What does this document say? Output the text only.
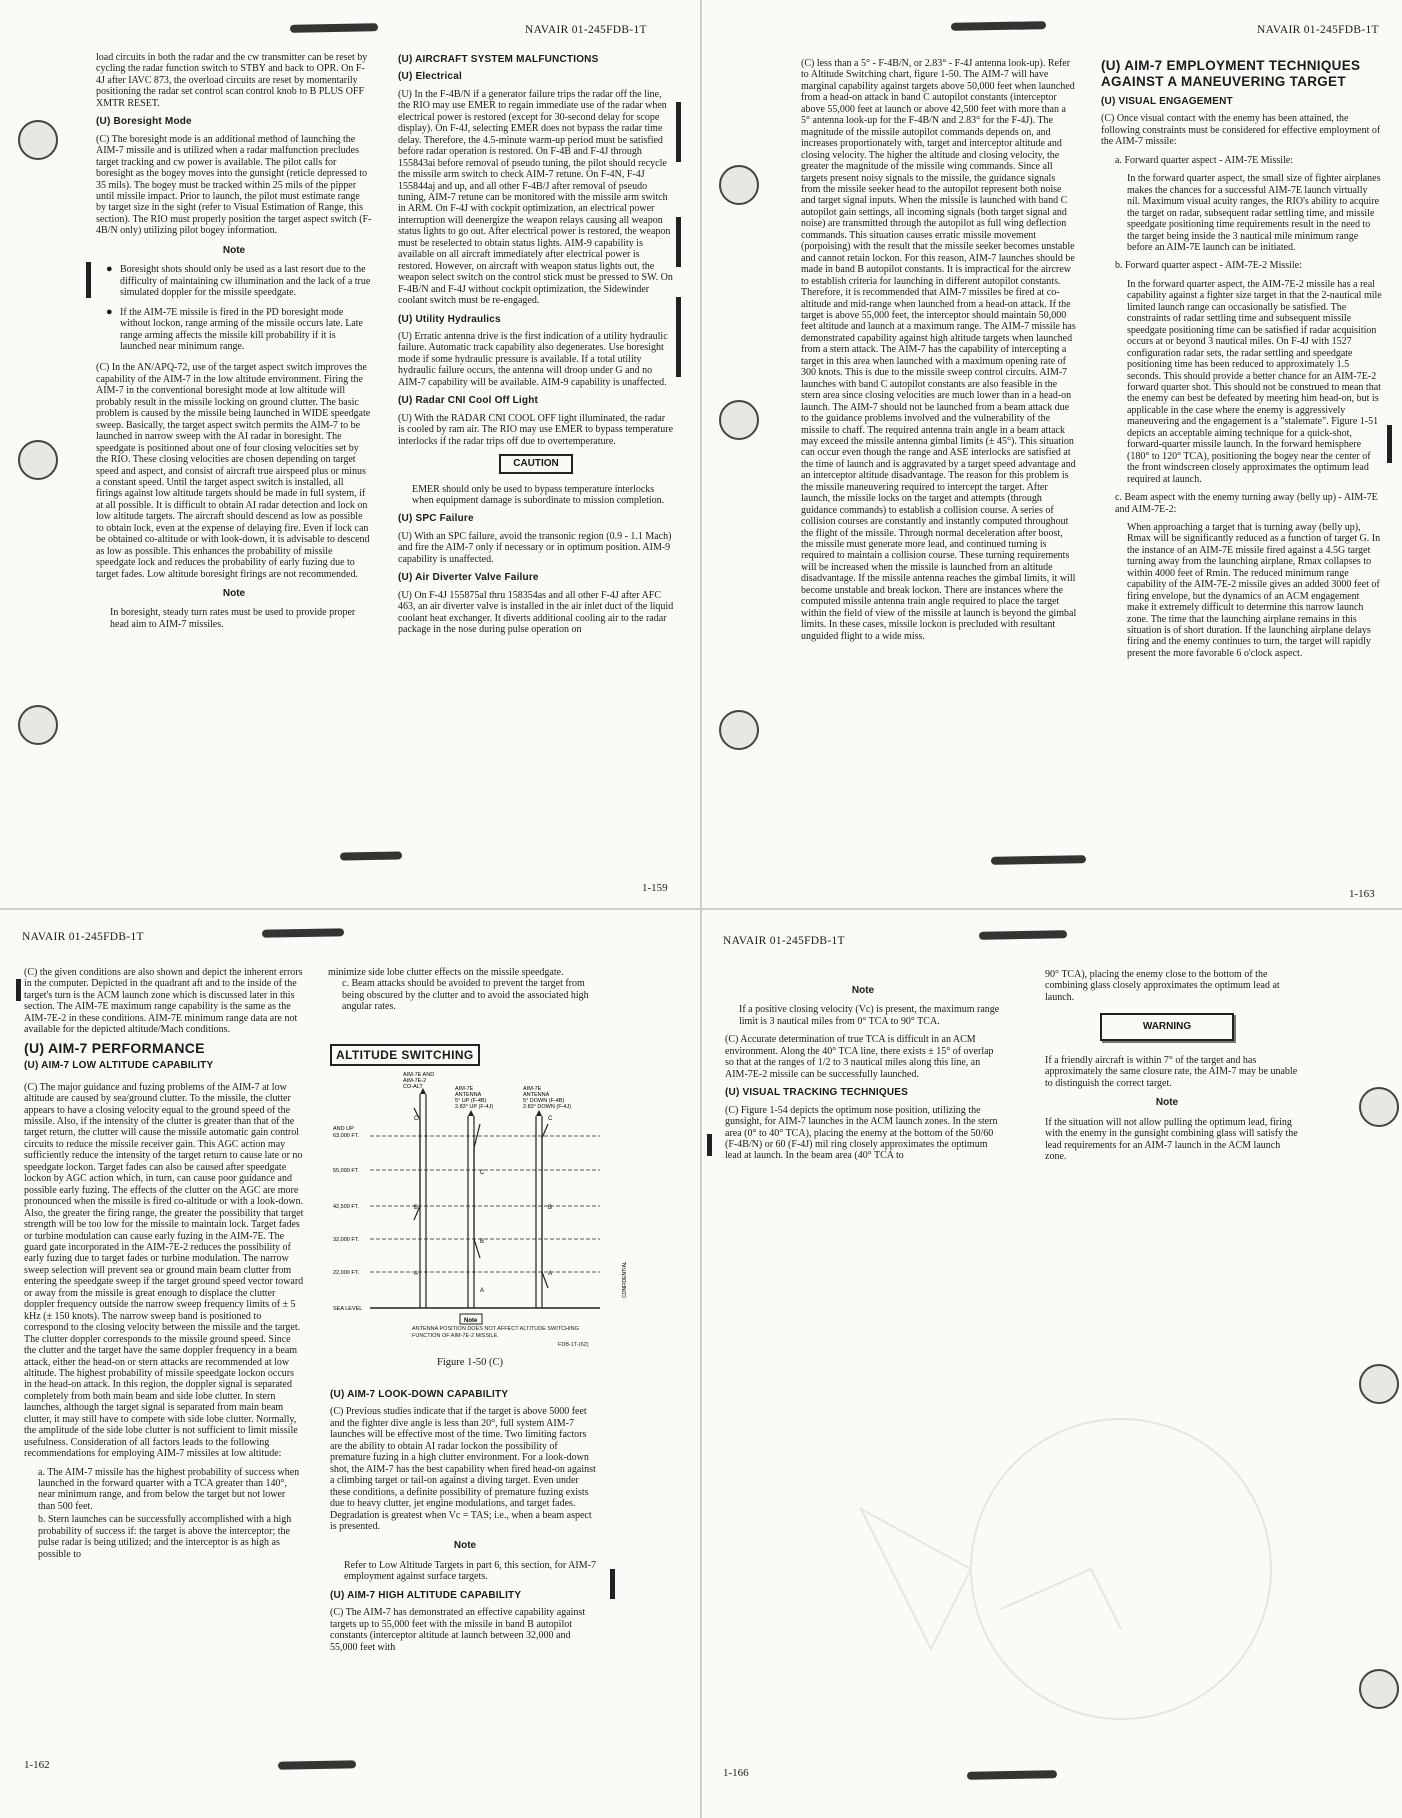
NAVAIR 01-245FDB-1T

load circuits in both the radar and the cw transmitter can be reset by cycling the radar function switch to STBY and back to OPR. On F-4J after IAVC 873, the overload circuits are reset by momentarily positioning the radar set control scan control knob to B PLUS OFF XMTR RESET.

(U) Boresight Mode

(C) The boresight mode is an additional method of launching the AIM-7 missile and is utilized when a radar malfunction precludes target tracking and cw power is available. The pilot calls for boresight as the bogey moves into the gunsight (reticle depressed to 35 mils). The bogey must be tracked within 25 mils of the pipper until missile impact. Prior to launch, the pilot must estimate range by target size in the sight (refer to Visual Estimation of Range, this section). The RIO must properly position the target aspect switch (F-4B/N only) utilizing pilot bogey information.

Note
● Boresight shots should only be used as a last resort due to the difficulty of maintaining cw illumination and the lack of a true simulated doppler for the missile speedgate.
● If the AIM-7E missile is fired in the PD boresight mode without lockon, range arming of the missile occurs late. Late range arming affects the missile kill probability if it is launched near minimum range.

(C) In the AN/APQ-72, use of the target aspect switch improves the capability of the AIM-7 in the low altitude environment. Firing the AIM-7 in the conventional boresight mode at low altitude will probably result in the missile locking on ground clutter. The basic problem is caused by the missile being launched in WIDE speedgate sweep. Basically, the target aspect switch permits the AIM-7 to be launched in narrow sweep with the AI radar in boresight. The speedgate is positioned about one of four closing velocities set by the RIO. These closing velocities are chosen depending on target speed and aspect, and consist of aircraft true airspeed plus or minus a constant speed. Until the target aspect switch is installed, all firings against low altitude targets should be made in full system, if at all possible. It is difficult to obtain AI radar detection and lock on low altitude targets. The aircraft should descend as low as possible to obtain lock, even at the expense of delaying fire. Even if lock can be obtained co-altitude or with look-down, it is advisable to descend as low as possible. This enhances the probability of missile speedgate lock and reduces the probability of early fuzing due to target fades. Low altitude boresight firings are not recommended.

Note

In boresight, steady turn rates must be used to provide proper head aim to AIM-7 missiles.

(U) AIRCRAFT SYSTEM MALFUNCTIONS
(U) Electrical

(U) In the F-4B/N if a generator failure trips the radar off the line, the RIO may use EMER to regain immediate use of the radar when electrical power is restored (except for 30-second delay for scope display). On F-4J, selecting EMER does not bypass the radar time delay. Therefore, the 4.5-minute warm-up period must be satisfied before radar operation is restored. On F-4B and F-4J through 155843ai before removal of pseudo tuning, the pilot should recycle the missile arm switch to check AIM-7 retune. On F-4N, F-4J 155844aj and up, and all other F-4B/J after removal of pseudo tuning, AIM-7 retune can be monitored with the missile arm switch in ARM. On F-4J with cockpit optimization, an electrical power interruption will deenergize the weapon relays causing all weapon status lights to go out. After electrical power is restored, the weapon must be reselected to obtain status lights. AIM-9 capability is available on all aircraft immediately after electrical power is restored. However, on aircraft with weapon status lights out, the weapon select switch on the control stick must be pressed to SW. On F-4B/N and F-4J without cockpit optimization, the Sidewinder coolant switch must be re-engaged.

(U) Utility Hydraulics

(U) Erratic antenna drive is the first indication of a utility hydraulic failure. Automatic track capability also degenerates. Use boresight mode if some hydraulic pressure is available. If a total utility hydraulic failure occurs, the antenna will droop under G and no AIM-7 capability will be available. AIM-9 capability is unaffected.

(U) Radar CNI Cool Off Light

(U) With the RADAR CNI COOL OFF light illuminated, the radar is cooled by ram air. The RIO may use EMER to bypass temperature interlocks if the radar trips off due to overtemperature.

CAUTION

EMER should only be used to bypass temperature interlocks when equipment damage is subordinate to mission completion.

(U) SPC Failure

(U) With an SPC failure, avoid the transonic region (0.9 - 1.1 Mach) and fire the AIM-7 only if necessary or in optimum position. AIM-9 capability is unaffected.

(U) Air Diverter Valve Failure

(U) On F-4J 155875al thru 158354as and all other F-4J after AFC 463, an air diverter valve is installed in the air inlet duct of the liquid coolant heat exchanger. It diverts additional cooling air to the radar package in the nose during pulse operation on

1-159
NAVAIR 01-245FDB-1T

(C) less than a 5° - F-4B/N, or 2.83° - F-4J antenna look-up). Refer to Altitude Switching chart, figure 1-50. The AIM-7 will have marginal capability against targets above 50,000 feet when launched from a head-on attack in band C autopilot constants (interceptor above 55,000 feet at launch or above 42,500 feet with more than a 5° antenna look-up for the F-4B/N and 2.83° for the F-4J). The magnitude of the missile autopilot commands depends on, and increases proportionately with, target and interceptor altitude and closing velocity. The higher the altitude and closing velocity, the greater the magnitude of the missile wing commands. Since all targets present noisy signals to the missile, the guidance signals from the missile seeker head to the autopilot represent both noise and target signal inputs. When the missile is launched with band C autopilot gain settings, all incoming signals (both target signal and noise) are transmitted through the autopilot as full wing deflection commands. This situation causes erratic missile movement (porpoising) with the result that the missile seeker becomes unstable and cannot retain lockon. For this reason, AIM-7 launches should be made in band B autopilot constants. It is impractical for the aircrew to establish criteria for launching in different autopilot constants. Therefore, it is recommended that AIM-7 missiles be fired at co-altitude and mid-range when launched from a head-on attack. If the target is above 55,000 feet, the interceptor should maintain 50,000 feet altitude and launch at a maximum range. The AIM-7 missile has demonstrated capability against high altitude targets when launched from a stern attack. The AIM-7 has the capability of intercepting a target in this area when launched with a maximum opening rate of 300 knots. This is due to the missile sweep control circuits. AIM-7 launches with band C autopilot constants are also feasible in the stern area since closing velocities are much lower than in a head-on launch. The AIM-7 should not be launched from a beam attack due to the guidance problems involved and the vulnerability of the missile to chaff. The required antenna train angle in a beam attack may exceed the missile antenna gimbal limits (± 45°). This situation can occur even though the range and ASE interlocks are satisfied at the time of launch and is aggravated by a target speed advantage and an interceptor altitude disadvantage. The reason for this problem is the missile maneuvering required to intercept the target. After launch, the missile locks on the target and attempts (through guidance commands) to establish a collision course. A series of collision courses are constantly and instantly computed throughout the flight of the missile. Through normal deceleration after boost, the missile must generate more lead, and continued turning is required to maintain a collision course. These turning requirements will be increased when the missile is launched from an altitude disadvantage. If the missile antenna reaches the gimbal limits, it will become unstable and break lockon. There are instances where the computed missile antenna train angle required to place the target within the field of view of the missile at launch is beyond the gimbal limits. In these cases, missile lockon is precluded with resultant unguided flight to a wide miss.

(U) AIM-7 EMPLOYMENT TECHNIQUES AGAINST A MANEUVERING TARGET
(U) VISUAL ENGAGEMENT

(C) Once visual contact with the enemy has been attained, the following constraints must be considered for effective employment of the AIM-7 missile:

a. Forward quarter aspect - AIM-7E Missile:

In the forward quarter aspect, the small size of fighter airplanes makes the chances for a successful AIM-7E launch virtually nil. Maximum visual acuity ranges, the RIO's ability to acquire the target on radar, subsequent radar settling time, and missile speedgate positioning time requirements result in the need to the target being inside the 3 nautical mile minimum range before an AIM-7E launch can be initiated.

b. Forward quarter aspect - AIM-7E-2 Missile:

In the forward quarter aspect, the AIM-7E-2 missile has a real capability against a fighter size target in that the 2-nautical mile limited launch range can occasionally be satisfied. The constraints of radar settling time and subsequent missile speedgate positioning time can be satisfied if radar acquisition occurs at or beyond 3 nautical miles. On F-4J with 1527 configuration radar sets, the radar settling and speedgate positioning time has been reduced to approximately 1.5 seconds. This should provide a better chance for an AIM-7E-2 forward quarter shot. This should not be construed to mean that the enemy can best be defeated by meeting him head-on, but is applicable in the case where the enemy is aggressively maneuvering and the engagement is a "stalemate". Figure 1-51 depicts an acceptable aiming technique for a quick-shot, forward-quarter missile launch. In the forward hemisphere (180° to 120° TCA), positioning the bogey near the center of the front windscreen closely approximates the optimum lead required at launch.

c. Beam aspect with the enemy turning away (belly up) - AIM-7E and AIM-7E-2:

When approaching a target that is turning away (belly up), Rmax will be significantly reduced as a function of target G. In the instance of an AIM-7E missile fired against a 4.5G target turning away from the launching airplane, Rmax collapses to within 4000 feet of Rmin. The reduced minimum range capability of the AIM-7E-2 missile gives an added 3000 feet of firing envelope, but the dynamics of an ACM engagement make it extremely difficult to determine this narrow launch zone. The time that the launching airplane remains in this situation is of short duration. If the launching airplane delays firing and the enemy continues to turn, the target will rapidly present the more favorable 6 o'clock aspect.

1-163
NAVAIR 01-245FDB-1T

(C) the given conditions are also shown and depict the inherent errors in the computer. Depicted in the quadrant aft and to the inside of the target's turn is the ACM launch zone which is discussed later in this section. The AIM-7E maximum range capability is the same as the AIM-7E-2 in these conditions. AIM-7E minimum range data are not available for the depicted altitude/Mach conditions.

(U) AIM-7 PERFORMANCE
(U) AIM-7 LOW ALTITUDE CAPABILITY

(C) The major guidance and fuzing problems of the AIM-7 at low altitude are caused by sea/ground clutter. To the missile, the clutter appears to have a closing velocity equal to the ground speed of the missile. Also, if the intensity of the clutter is greater than that of the target return, the clutter will cause the missile automatic gain control circuits to reduce the missile receiver gain. This AGC action may sufficiently reduce the intensity of the target return to cause late or no speedgate lockon. Target fades can also be caused after speedgate lockon by AGC action which, in turn, can cause poor guidance and possible early fuzing. The effects of the clutter on the AGC are more pronounced when the missile is fired co-altitude or with a look-down. Also, the greater the firing range, the greater the possibility that target strength will be too low for the missile to maintain lock. Target fades or turbine modulation can cause early fuzing in the AIM-7E. The guard gate incorporated in the AIM-7E-2 reduces the possibility of early fuzing due to target fades or turbine modulation. The narrow sweep selection will prevent sea or ground main beam clutter from entering the speedgate sweep if the target ground speed vector toward or away from the missile is great enough to displace the clutter doppler frequency outside the narrow sweep frequency limits of ± 5 kHz (± 150 knots). The narrow sweep band is positioned to correspond to the closing velocity between the missile and the target. The clutter doppler corresponds to the missile ground speed. Since the clutter and the target have the same doppler frequency in a beam attack, either the head-on or stern attacks are recommended at low altitude. The highest probability of missile speedgate lockon occurs in the head-on attack. In this region, the doppler signal is separated completely from both main beam and side lobe clutter. In stern launches, although the target signal is separated from main beam clutter, it may still have to compete with side lobe clutter. Normally, the amplitude of the side lobe clutter is not sufficient to limit missile usefulness. Consideration of all factors leads to the following recommendations for employing AIM-7 missiles at low altitude:

a. The AIM-7 missile has the highest probability of success when launched in the forward quarter with a TCA greater than 140°, near minimum range, and from below the target but not lower than 500 feet.

b. Stern launches can be successfully accomplished with a high probability of success if: the target is above the interceptor; the pulse radar is being utilized; and the interceptor is as high as possible to

minimize side lobe clutter effects on the missile speedgate.

c. Beam attacks should be avoided to prevent the target from being obscured by the clutter and to avoid the associated high angular rates.

ALTITUDE SWITCHING
AIM-7E AND AIM-7E-2 CO-ALT	AIM-7E ANTENNA 5° UP (F-4B) 2.83° UP (F-4J)
AIM-7E ANTENNA 5° DOWN (F-4B) 2.83° DOWN (F-4J)
AND UP 63,000 FT.
55,000 FT.
42,500 FT.
32,000 FT.
22,000 FT.
SEA LEVEL
C
B
A
C
B
A
C
B
A
Note
CONFIDENTIAL
ANTENNA POSITION DOES NOT AFFECT ALTITUDE SWITCHING FUNCTION OF AIM-7E-2 MISSILE.
FDB-1T-(62)
Figure 1-50 (C)
(U) AIM-7 LOOK-DOWN CAPABILITY

(C) Previous studies indicate that if the target is above 5000 feet and the fighter dive angle is less than 20°, full system AIM-7 launches will be effective most of the time. Two limiting factors are the ability to obtain AI radar lockon the possibility of premature fuzing in a high clutter environment. For a look-down shot, the AIM-7 has the best capability when fired head-on against a climbing target or tail-on against a diving target. Even under these conditions, a definite possibility of premature fuzing exists due to heavy clutter, jet engine modulations, and target fades. Degradation is greatest when Vc = TAS; i.e., when a beam aspect is presented.

Note

Refer to Low Altitude Targets in part 6, this section, for AIM-7 employment against surface targets.

(U) AIM-7 HIGH ALTITUDE CAPABILITY

(C) The AIM-7 has demonstrated an effective capability against targets up to 55,000 feet with the missile in band B autopilot constants (interceptor altitude at launch between 32,000 and 55,000 feet with

1-162
NAVAIR 01-245FDB-1T
Note

If a positive closing velocity (Vc) is present, the maximum range limit is 3 nautical miles from 0° TCA to 90° TCA.

(C) Accurate determination of true TCA is difficult in an ACM environment. Along the 40° TCA line, there exists ± 15° of overlap so that at the ranges of 1/2 to 3 nautical miles along this line, an AIM-7E-2 missile can be successfully launched.

(U) VISUAL TRACKING TECHNIQUES

(C) Figure 1-54 depicts the optimum nose position, utilizing the gunsight, for AIM-7 launches in the ACM launch zones. In the stern area (0° to 40° TCA), placing the enemy at the bottom of the 50/60 (F-4B/N) or 60 (F-4J) mil ring closely approximates the optimum lead at launch. In the beam area (40° TCA to

90° TCA), placing the enemy close to the bottom of the combining glass closely approximates the optimum lead at launch.

WARNING

If a friendly aircraft is within 7° of the target and has approximately the same closure rate, the AIM-7 may be unable to distinguish the correct target.

Note

If the situation will not allow pulling the optimum lead, firing with the enemy in the gunsight combining glass will satisfy the lead requirements for an AIM-7 launch in the ACM launch zone.

1-166
